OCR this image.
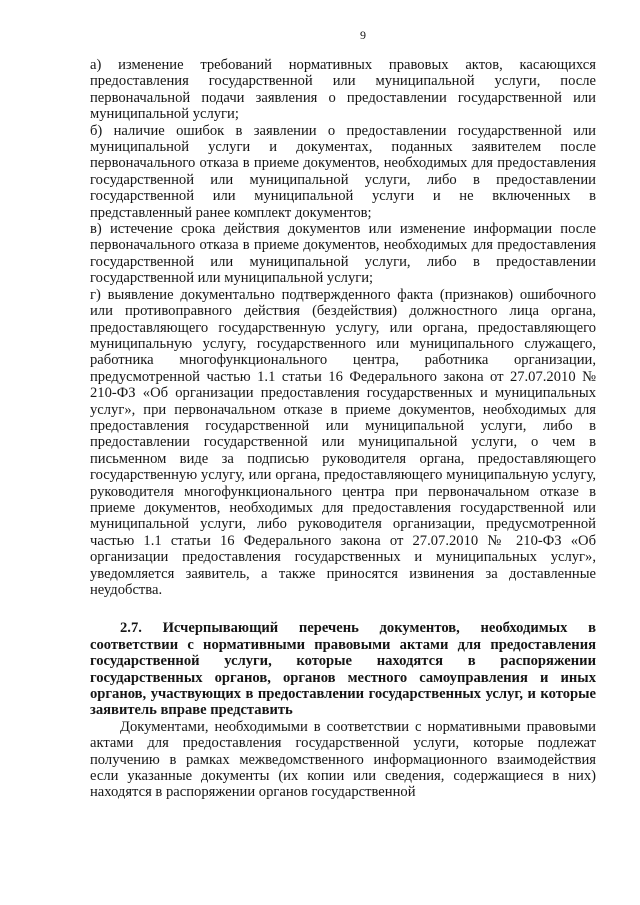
9

а) изменение требований нормативных правовых актов, касающихся предоставления государственной или муниципальной услуги, после первоначальной подачи заявления о предоставлении государственной или муниципальной услуги;

б) наличие ошибок в заявлении о предоставлении государственной или муниципальной услуги и документах, поданных заявителем после первоначального отказа в приеме документов, необходимых для предоставления государственной или муниципальной услуги, либо в предоставлении государственной или муниципальной услуги и не включенных в представленный ранее комплект документов;

в) истечение срока действия документов или изменение информации после первоначального отказа в приеме документов, необходимых для предоставления государственной или муниципальной услуги, либо в предоставлении государственной или муниципальной услуги;

г) выявление документально подтвержденного факта (признаков) ошибочного или противоправного действия (бездействия) должностного лица органа, предоставляющего государственную услугу, или органа, предоставляющего муниципальную услугу, государственного или муниципального служащего, работника многофункционального центра, работника организации, предусмотренной частью 1.1 статьи 16 Федерального закона от 27.07.2010 № 210-ФЗ «Об организации предоставления государственных и муниципальных услуг», при первоначальном отказе в приеме документов, необходимых для предоставления государственной или муниципальной услуги, либо в предоставлении государственной или муниципальной услуги, о чем в письменном виде за подписью руководителя органа, предоставляющего государственную услугу, или органа, предоставляющего муниципальную услугу, руководителя многофункционального центра при первоначальном отказе в приеме документов, необходимых для предоставления государственной или муниципальной услуги, либо руководителя организации, предусмотренной частью 1.1 статьи 16 Федерального закона от 27.07.2010 № 210-ФЗ «Об организации предоставления государственных и муниципальных услуг», уведомляется заявитель, а также приносятся извинения за доставленные неудобства.

2.7. Исчерпывающий перечень документов, необходимых в соответствии с нормативными правовыми актами для предоставления государственной услуги, которые находятся в распоряжении государственных органов, органов местного самоуправления и иных органов, участвующих в предоставлении государственных услуг, и которые заявитель вправе представить

Документами, необходимыми в соответствии с нормативными правовыми актами для предоставления государственной услуги, которые подлежат получению в рамках межведомственного информационного взаимодействия если указанные документы (их копии или сведения, содержащиеся в них) находятся в распоряжении органов государственной
